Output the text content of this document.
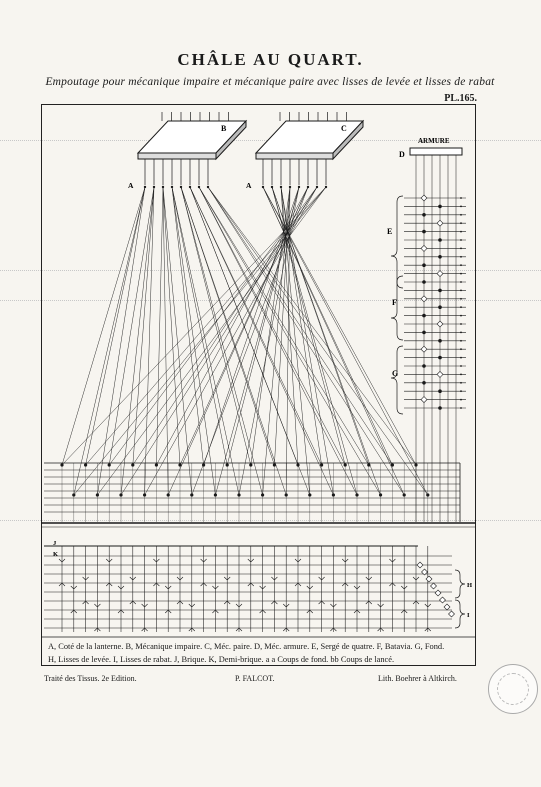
CHÂLE AU QUART.
Empoutage pour mécanique impaire et mécanique paire avec lisses de levée et lisses de rabat
PL.165.
B	C
A	A
ARMURE
D
E
F
G
J
K
H
I
A, Coté de la lanterne. B, Mécanique impaire. C, Méc. paire. D, Méc. armure. E, Sergé de quatre. F, Batavia. G, Fond.
H, Lisses de levée. I, Lisses de rabat. J, Brique. K, Demi-brique. a a Coups de fond. bb Coups de lancé.
Traité des Tissus. 2e Edition.	P. FALCOT.	Lith. Boehrer à Altkirch.
